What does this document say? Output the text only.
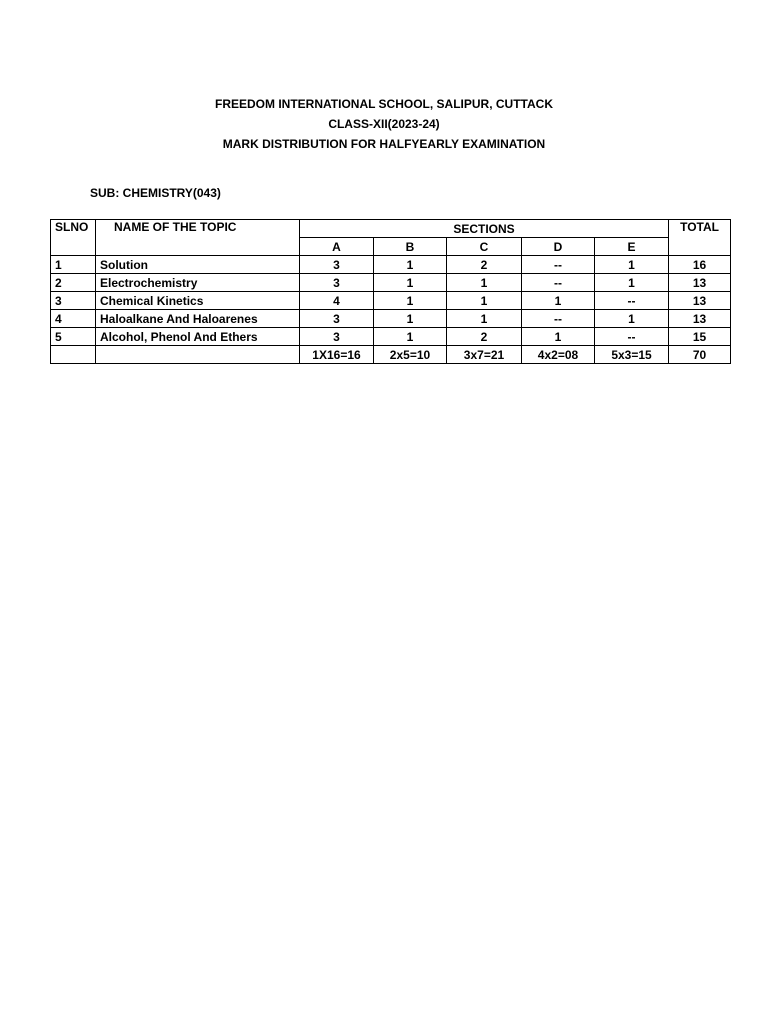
FREEDOM INTERNATIONAL SCHOOL, SALIPUR, CUTTACK
CLASS-XII(2023-24)
MARK DISTRIBUTION FOR HALFYEARLY EXAMINATION
SUB: CHEMISTRY(043)
SLNO	NAME OF THE TOPIC	SECTIONS					TOTAL
		A	B	C	D	E	
1	Solution	3	1	2	--	1	16
2	Electrochemistry	3	1	1	--	1	13
3	Chemical Kinetics	4	1	1	1	--	13
4	Haloalkane And Haloarenes	3	1	1	--	1	13
5	Alcohol, Phenol And Ethers	3	1	2	1	--	15
		1X16=16	2x5=10	3x7=21	4x2=08	5x3=15	70
